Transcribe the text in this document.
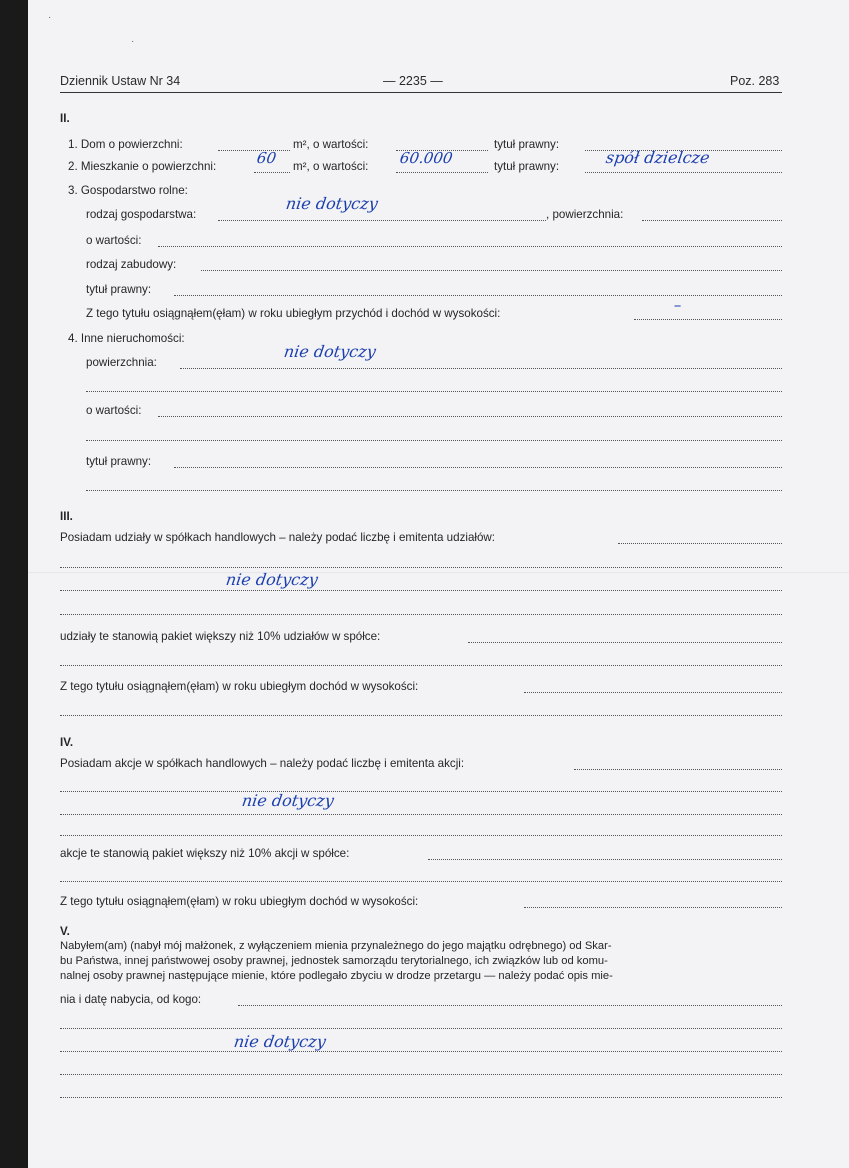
·
·
Dziennik Ustaw Nr 34	— 2235 —	Poz. 283
II.
1. Dom o powierzchni:	m², o wartości:	tytuł prawny:
2. Mieszkanie o powierzchni:	60 m², o wartości: 60.000	tytuł prawny:	spół dzielcze
3. Gospodarstwo rolne:
rodzaj gospodarstwa:
nie dotyczy
, powierzchnia:
o wartości:
rodzaj zabudowy:
tytuł prawny:
Z tego tytułu osiągnąłem(ęłam) w roku ubiegłym przychód i dochód w wysokości:	–
4. Inne nieruchomości:
powierzchnia:
nie dotyczy
o wartości:
tytuł prawny:
III.
Posiadam udziały w spółkach handlowych – należy podać liczbę i emitenta udziałów:
nie dotyczy
udziały te stanowią pakiet większy niż 10% udziałów w spółce:
Z tego tytułu osiągnąłem(ęłam) w roku ubiegłym dochód w wysokości:
IV.
Posiadam akcje w spółkach handlowych – należy podać liczbę i emitenta akcji:
nie dotyczy
akcje te stanowią pakiet większy niż 10% akcji w spółce:
Z tego tytułu osiągnąłem(ęłam) w roku ubiegłym dochód w wysokości:
V.
Nabyłem(am) (nabył mój małżonek, z wyłączeniem mienia przynależnego do jego majątku odrębnego) od Skar-
bu Państwa, innej państwowej osoby prawnej, jednostek samorządu terytorialnego, ich związków lub od komu-
nalnej osoby prawnej następujące mienie, które podlegało zbyciu w drodze przetargu — należy podać opis mie-
nia i datę nabycia, od kogo:
nie dotyczy
